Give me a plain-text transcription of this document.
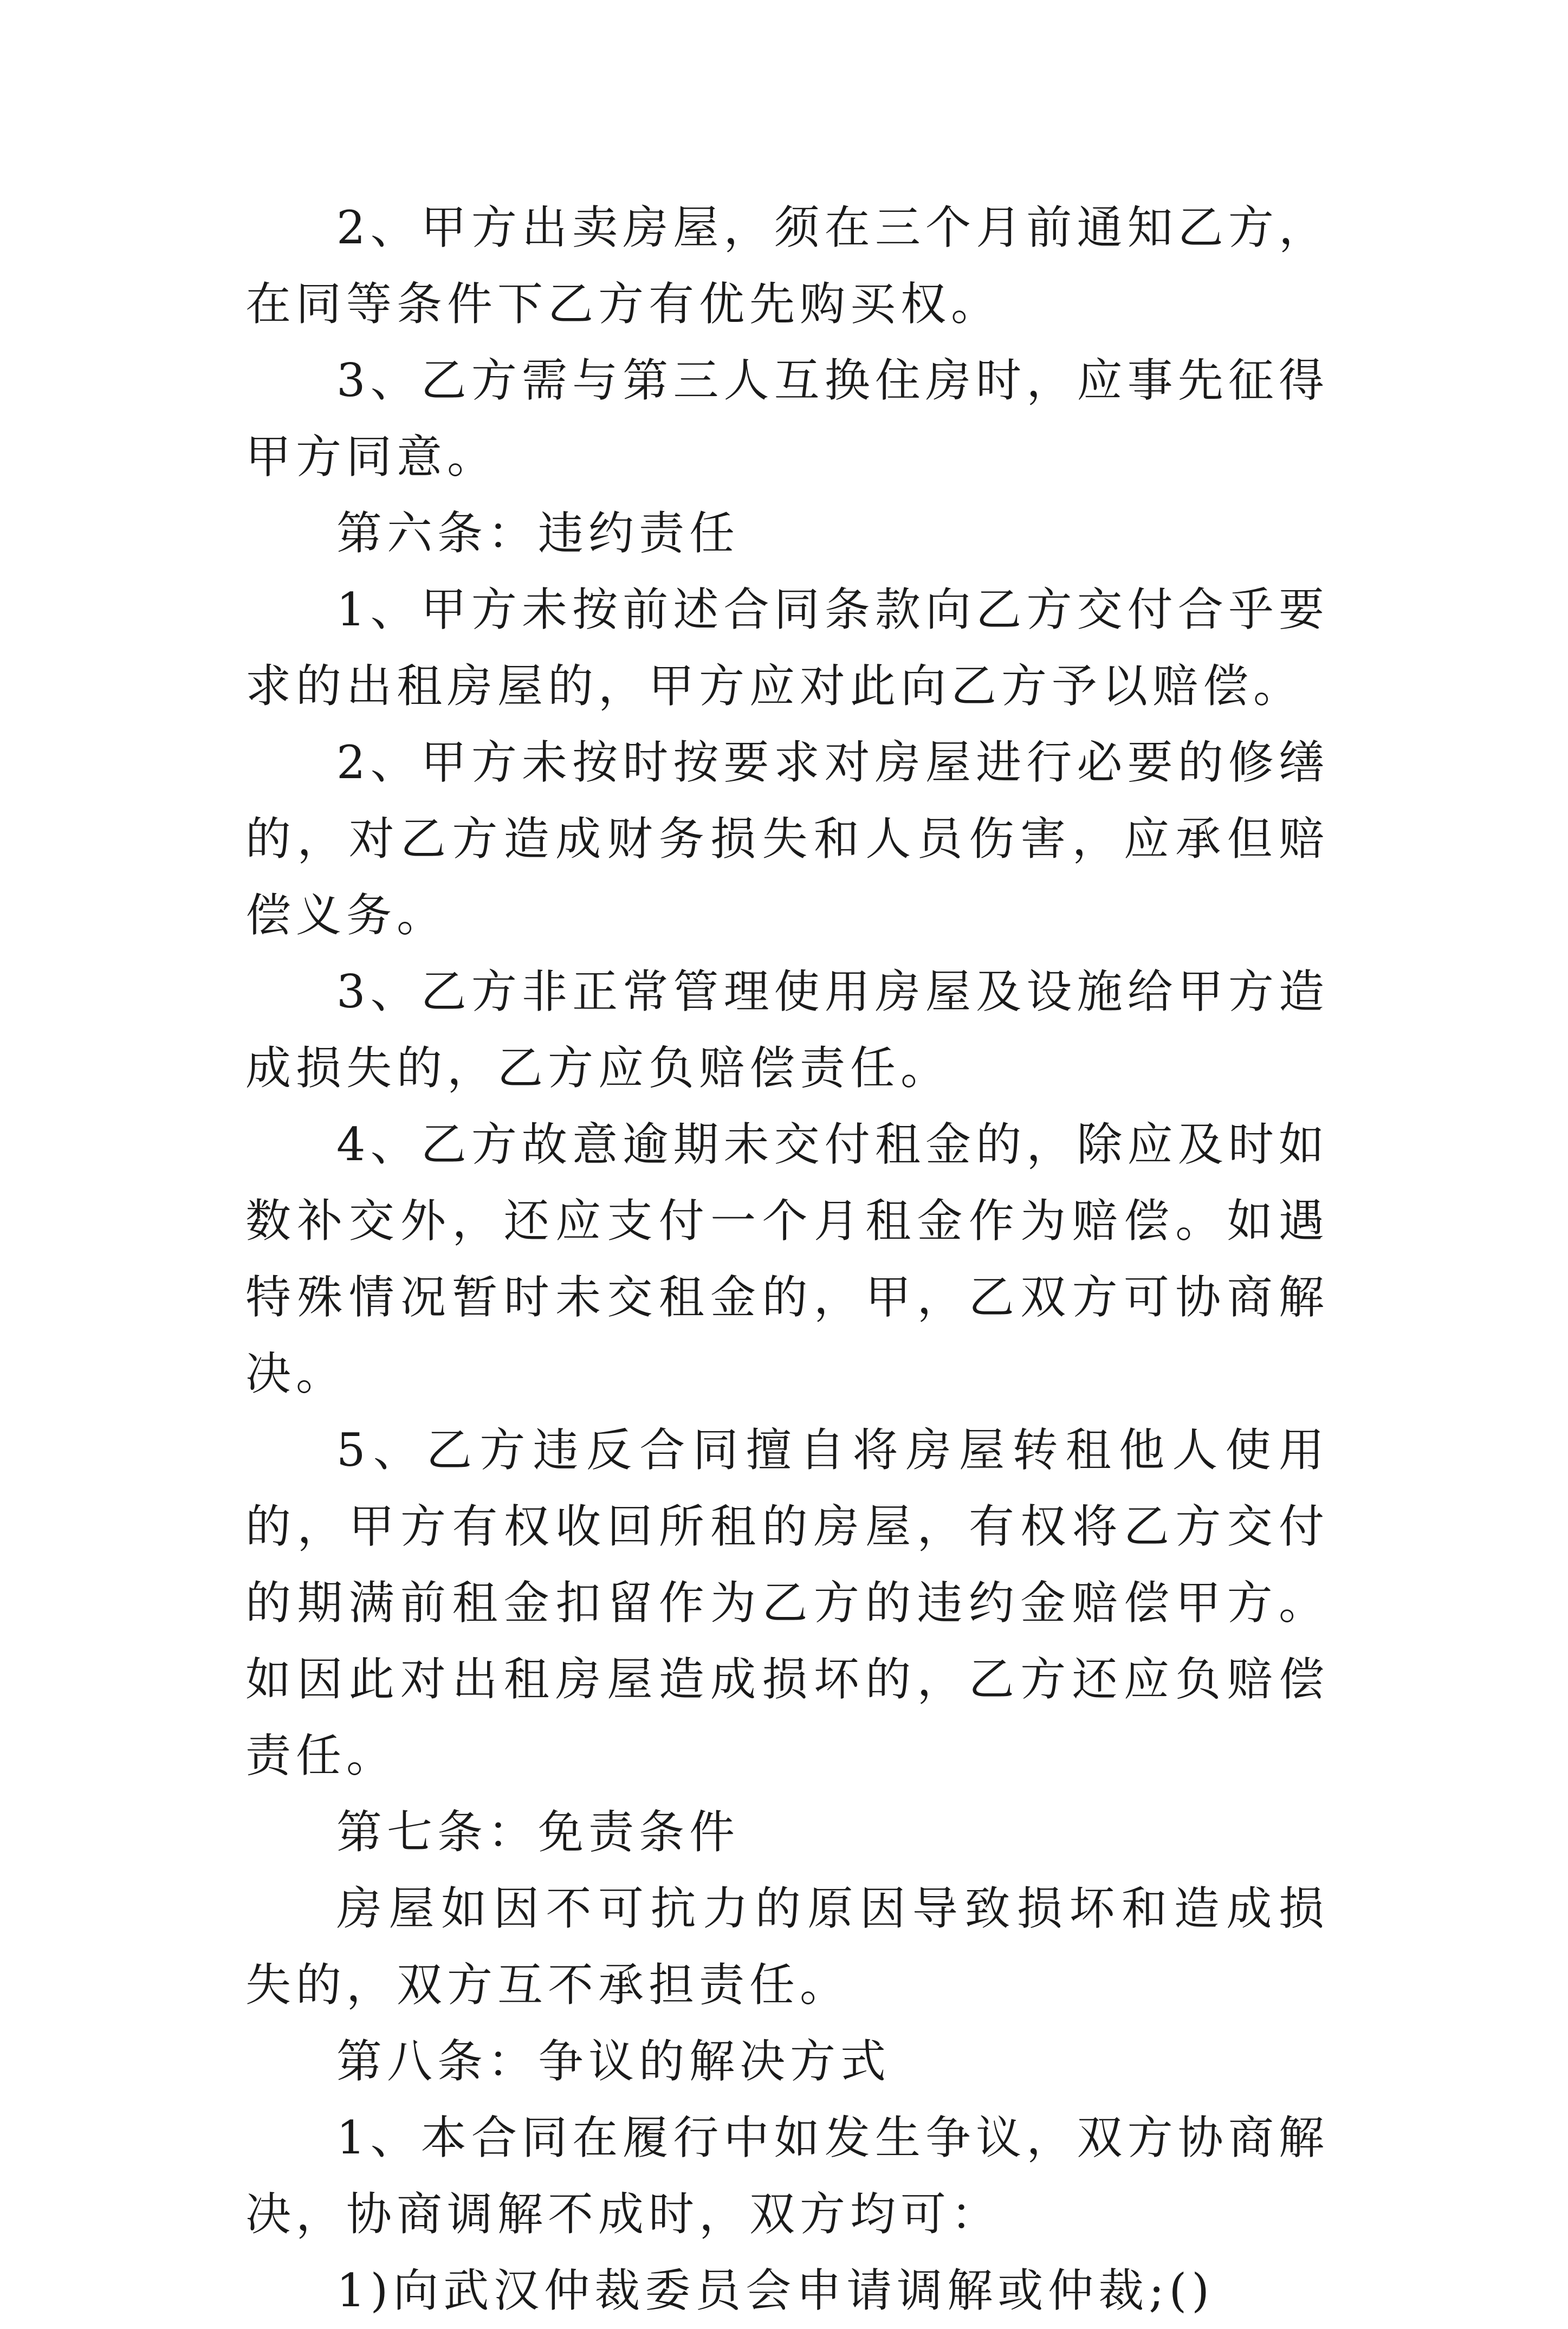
2、甲方出卖房屋，须在三个月前通知乙方，在同等条件下乙方有优先购买权。

3、乙方需与第三人互换住房时，应事先征得甲方同意。

第六条：违约责任

1、甲方未按前述合同条款向乙方交付合乎要求的出租房屋的，甲方应对此向乙方予以赔偿。

2、甲方未按时按要求对房屋进行必要的修缮的，对乙方造成财务损失和人员伤害，应承但赔偿义务。

3、乙方非正常管理使用房屋及设施给甲方造成损失的，乙方应负赔偿责任。

4、乙方故意逾期未交付租金的，除应及时如数补交外，还应支付一个月租金作为赔偿。如遇特殊情况暂时未交租金的，甲，乙双方可协商解决。

5、乙方违反合同擅自将房屋转租他人使用的，甲方有权收回所租的房屋，有权将乙方交付的期满前租金扣留作为乙方的违约金赔偿甲方。如因此对出租房屋造成损坏的，乙方还应负赔偿责任。

第七条：免责条件

房屋如因不可抗力的原因导致损坏和造成损失的，双方互不承担责任。

第八条：争议的解决方式

1、本合同在履行中如发生争议，双方协商解决，协商调解不成时，双方均可：

1)向武汉仲裁委员会申请调解或仲裁;()
